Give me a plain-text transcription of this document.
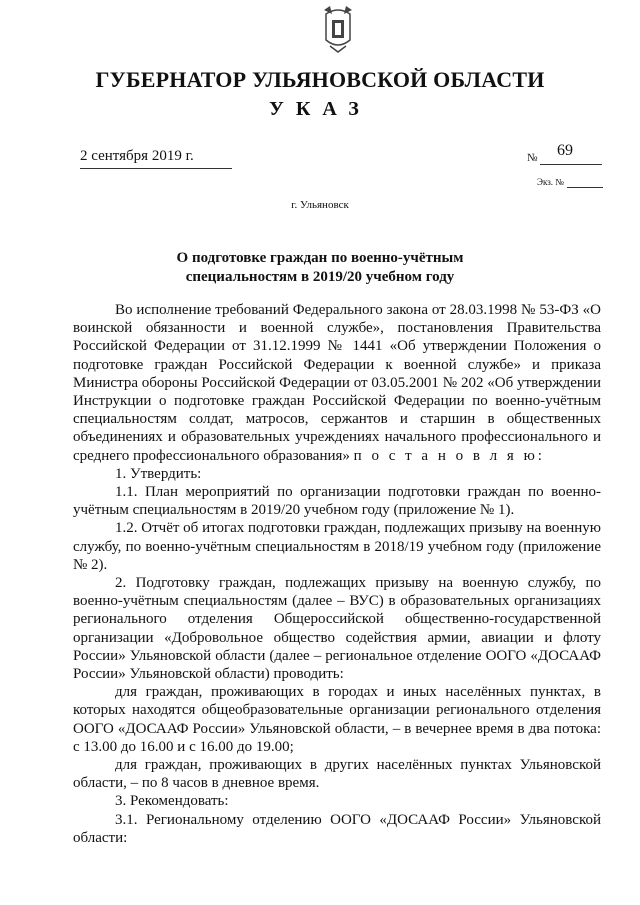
ГУБЕРНАТОР УЛЬЯНОВСКОЙ ОБЛАСТИ
УКАЗ
2 сентября 2019 г.	№ 69
Экз. №
г. Ульяновск
О подготовке граждан по военно-учётным
специальностям в 2019/20 учебном году

Во исполнение требований Федерального закона от 28.03.1998 № 53-ФЗ «О воинской обязанности и военной службе», постановления Правительства Российской Федерации от 31.12.1999 № 1441 «Об утверждении Положения о подготовке граждан Российской Федерации к военной службе» и приказа Министра обороны Российской Федерации от 03.05.2001 № 202 «Об утверждении Инструкции о подготовке граждан Российской Федерации по военно-учётным специальностям солдат, матросов, сержантов и старшин в общественных объединениях и образовательных учреждениях начального профессионального и среднего профессионального образования» п о с т а н о в л я ю:

1. Утвердить:

1.1. План мероприятий по организации подготовки граждан по военно-учётным специальностям в 2019/20 учебном году (приложение № 1).

1.2. Отчёт об итогах подготовки граждан, подлежащих призыву на военную службу, по военно-учётным специальностям в 2018/19 учебном году (приложение № 2).

2. Подготовку граждан, подлежащих призыву на военную службу, по военно-учётным специальностям (далее – ВУС) в образовательных организациях регионального отделения Общероссийской общественно-государственной организации «Добровольное общество содействия армии, авиации и флоту России» Ульяновской области (далее – региональное отделение ООГО «ДОСААФ России» Ульяновской области) проводить:

для граждан, проживающих в городах и иных населённых пунктах, в которых находятся общеобразовательные организации регионального отделения ООГО «ДОСААФ России» Ульяновской области, – в вечернее время в два потока: с 13.00 до 16.00 и с 16.00 до 19.00;

для граждан, проживающих в других населённых пунктах Ульяновской области, – по 8 часов в дневное время.

3. Рекомендовать:

3.1. Региональному отделению ООГО «ДОСААФ России» Ульяновской области:
